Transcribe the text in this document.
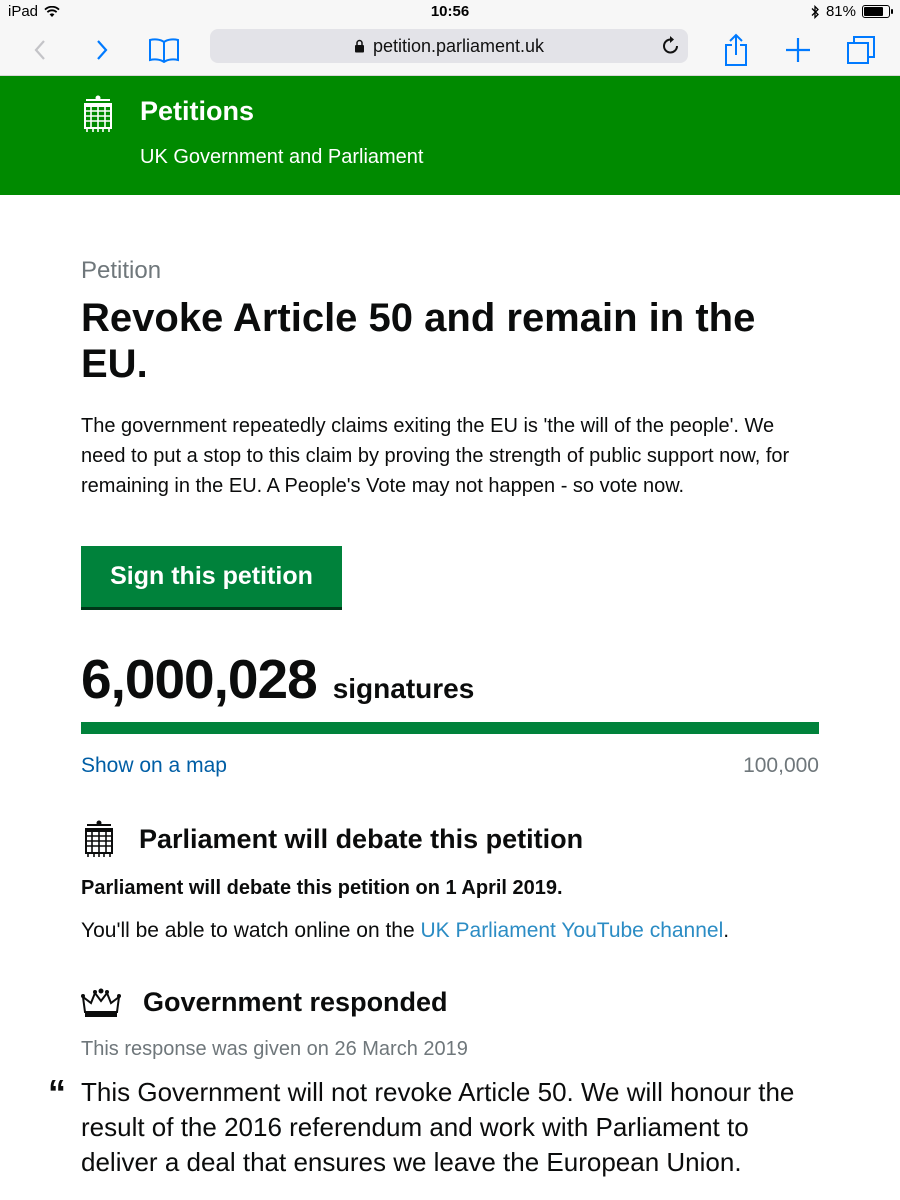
iPad	10:56	81%
petition.parliament.uk
Petitions
UK Government and Parliament
Petition
Revoke Article 50 and remain in the EU.

The government repeatedly claims exiting the EU is 'the will of the people'. We need to put a stop to this claim by proving the strength of public support now, for remaining in the EU. A People's Vote may not happen - so vote now.

Sign this petition
6,000,028 signatures
Show on a map	100,000
Parliament will debate this petition
Parliament will debate this petition on 1 April 2019.
You'll be able to watch online on the UK Parliament YouTube channel.
Government responded
This response was given on 26 March 2019
“ This Government will not revoke Article 50. We will honour the result of the 2016 referendum and work with Parliament to deliver a deal that ensures we leave the European Union.
